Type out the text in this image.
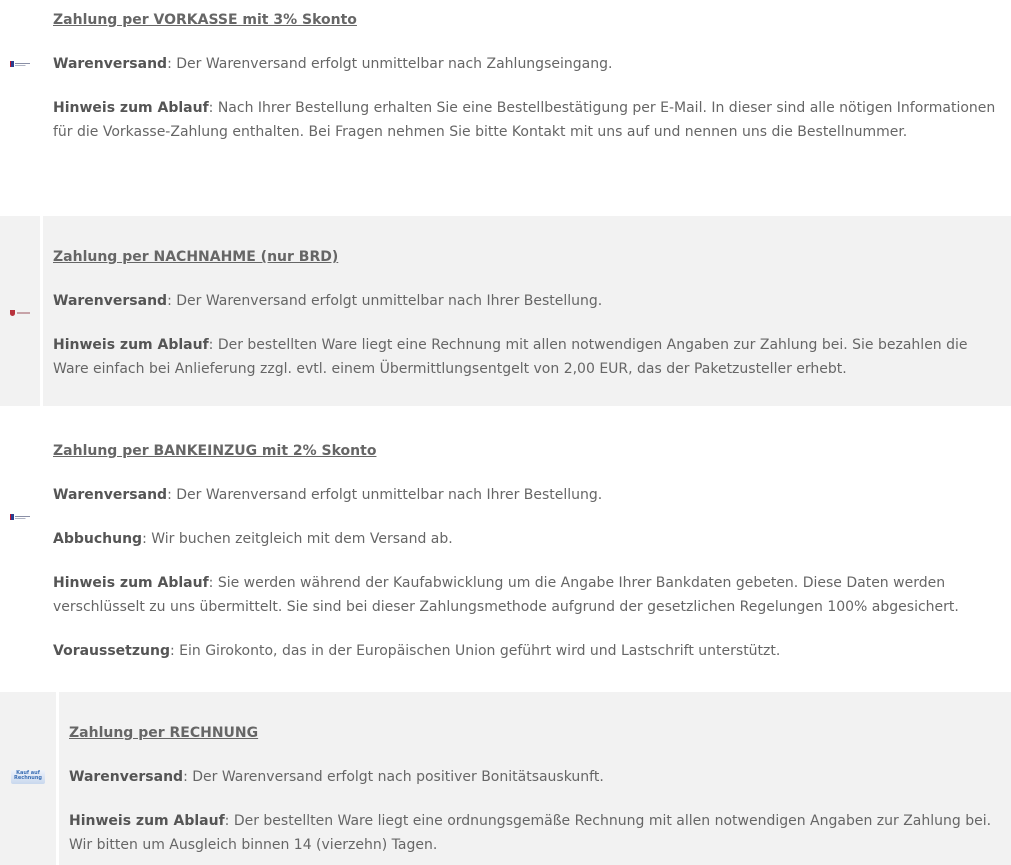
Zahlung per VORKASSE mit 3% Skonto

Warenversand: Der Warenversand erfolgt unmittelbar nach Zahlungseingang.

Hinweis zum Ablauf: Nach Ihrer Bestellung erhalten Sie eine Bestellbestätigung per E-Mail. In dieser sind alle nötigen Informationen für die Vorkasse-Zahlung enthalten. Bei Fragen nehmen Sie bitte Kontakt mit uns auf und nennen uns die Bestellnummer.

Zahlung per NACHNAHME (nur BRD)

Warenversand: Der Warenversand erfolgt unmittelbar nach Ihrer Bestellung.

Hinweis zum Ablauf: Der bestellten Ware liegt eine Rechnung mit allen notwendigen Angaben zur Zahlung bei. Sie bezahlen die Ware einfach bei Anlieferung zzgl. evtl. einem Übermittlungsentgelt von 2,00 EUR, das der Paketzusteller erhebt.

Zahlung per BANKEINZUG mit 2% Skonto

Warenversand: Der Warenversand erfolgt unmittelbar nach Ihrer Bestellung.

Abbuchung: Wir buchen zeitgleich mit dem Versand ab.

Hinweis zum Ablauf: Sie werden während der Kaufabwicklung um die Angabe Ihrer Bankdaten gebeten. Diese Daten werden verschlüsselt zu uns übermittelt. Sie sind bei dieser Zahlungsmethode aufgrund der gesetzlichen Regelungen 100% abgesichert.

Voraussetzung: Ein Girokonto, das in der Europäischen Union geführt wird und Lastschrift unterstützt.

Kauf auf Rechnung

Zahlung per RECHNUNG

Warenversand: Der Warenversand erfolgt nach positiver Bonitätsauskunft.

Hinweis zum Ablauf: Der bestellten Ware liegt eine ordnungsgemäße Rechnung mit allen notwendigen Angaben zur Zahlung bei. Wir bitten um Ausgleich binnen 14 (vierzehn) Tagen.
